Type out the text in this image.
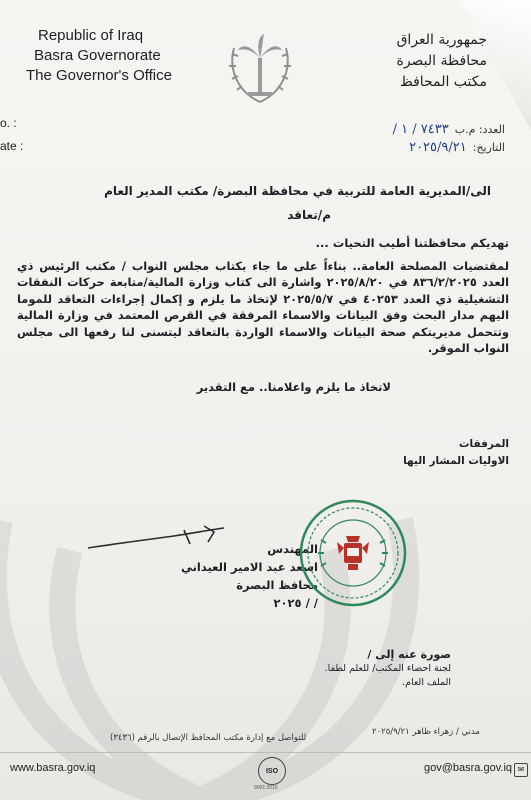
Republic of Iraq
Basra Governorate
The Governor's Office
جمهورية العراق
محافظة البصرة
مكتب المحافظ
o. :
ate :
العدد: م.ب٧٤٣٣ / ١ /
التاريخ:٢٠٢٥/٩/٢١
الى/المديرية العامة للتربية في محافظة البصرة/ مكتب المدير العام
م/تعاقد
تهديكم محافظتنا أطيب التحيات ...
لمقتضيات المصلحة العامة.. بناءاً على ما جاء بكتاب مجلس النواب / مكتب الرئيس ذي العدد ٨٣٦/٢/٢٠٢٥ في ٢٠٢٥/٨/٢٠ واشارة الى كتاب وزارة المالية/متابعة حركات النفقات التشغيلية ذي العدد ٤٠٢٥٣ في ٢٠٢٥/٥/٧ لإتخاذ ما يلزم و إكمال إجراءات التعاقد للموما اليهم مدار البحث وفق البيانات والاسماء المرفقة في القرص المعتمد في وزارة المالية وتتحمل مديريتكم صحة البيانات والاسماء الواردة بالتعاقد ليتسنى لنا رفعها الى مجلس النواب الموقر.
لاتخاذ ما يلزم واعلامنا.. مع التقدير
المرفقات
الاوليات المشار اليها
المهندس
اسعد عبد الامير العيداني
محافظ البصرة
/ / ٢٠٢٥
صورة عنه إلى /
لجنة احصاء المكتب/ للعلم لطفا.
الملف العام.
مدني / زهراء ظاهر ٢٠٢٥/٩/٢١
للتواصل مع إدارة مكتب المحافظ الإتصال بالرقم (٣٤٣٦)
www.basra.gov.iq	ISO
9001:2015
gov@basra.gov.iq ✉
